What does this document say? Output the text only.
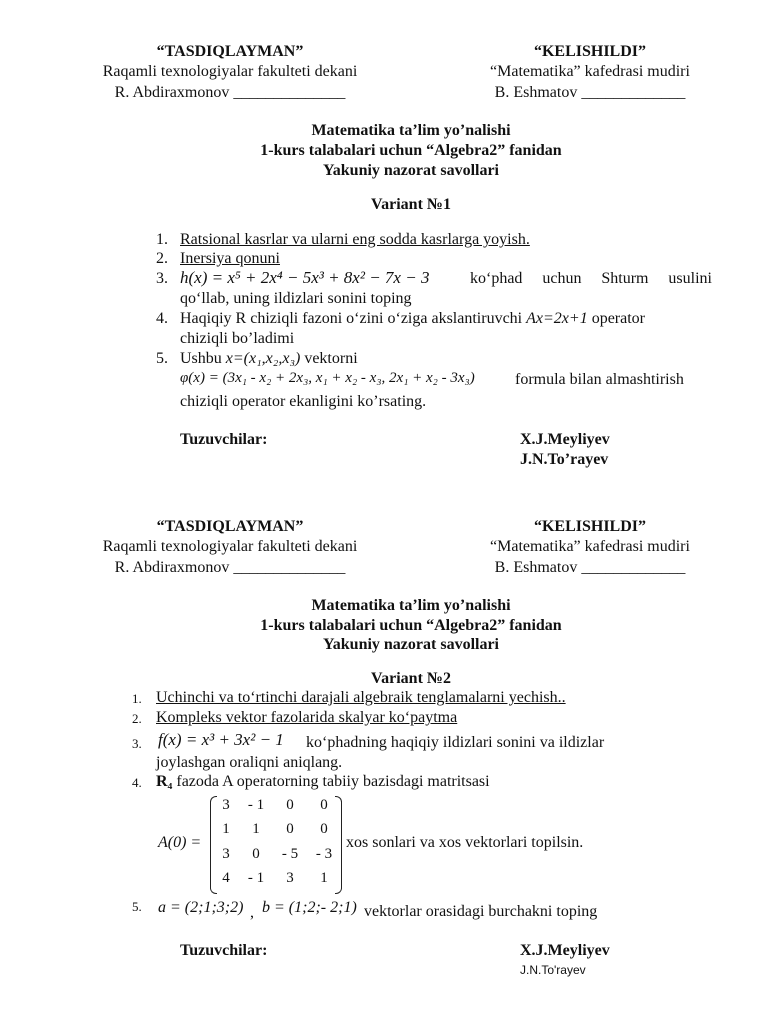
“TASDIQLAYMAN”
Raqamli texnologiyalar fakulteti dekani
R. Abdiraxmonov ______________
“KELISHILDI”
“Matematika” kafedrasi mudiri
B. Eshmatov _____________
Matematika ta’lim yo’nalishi
1-kurs talabalari uchun “Algebra2” fanidan
Yakuniy nazorat savollari
Variant №1
1. Ratsional kasrlar va ularni eng sodda kasrlarga yoyish.
2. Inersiya qonuni
3. h(x) = x⁵ + 2x⁴ − 5x³ + 8x² − 7x − 3	ko‘phad uchun Shturm usulini
qo‘llab, uning ildizlari sonini toping
4. Haqiqiy R chiziqli fazoni o‘zini o‘ziga akslantiruvchi Ax=2x+1 operator
chiziqli bo’ladimi
5. Ushbu x=(x₁,x₂,x₃) vektorni
φ(x) = (3x₁ - x₂ + 2x₃, x₁ + x₂ - x₃, 2x₁ + x₂ - 3x₃)	formula bilan almashtirish
chiziqli operator ekanligini ko’rsating.
Tuzuvchilar:	X.J.Meyliyev
J.N.To’rayev
“TASDIQLAYMAN”
Raqamli texnologiyalar fakulteti dekani
R. Abdiraxmonov ______________
“KELISHILDI”
“Matematika” kafedrasi mudiri
B. Eshmatov _____________
Matematika ta’lim yo’nalishi
1-kurs talabalari uchun “Algebra2” fanidan
Yakuniy nazorat savollari
Variant №2
1. Uchinchi va to‘rtinchi darajali algebraik tenglamalarni yechish..
2. Kompleks vektor fazolarida skalyar ko‘paytma
3. f(x) = x³ + 3x² − 1 ko‘phadning haqiqiy ildizlari sonini va ildizlar
joylashgan oraliqni aniqlang.
4. R₄ fazoda A operatorning tabiiy bazisdagi matritsasi
A(0) =
3	- 1	0	0
1	1	0	0
3	0	- 5	- 3
4	- 1	3	1
xos sonlari va xos vektorlari topilsin.
5. a = (2;1;3;2) , b = (1;2;- 2;1) vektorlar orasidagi burchakni toping
Tuzuvchilar:	X.J.Meyliyev
J.N.To'rayev
